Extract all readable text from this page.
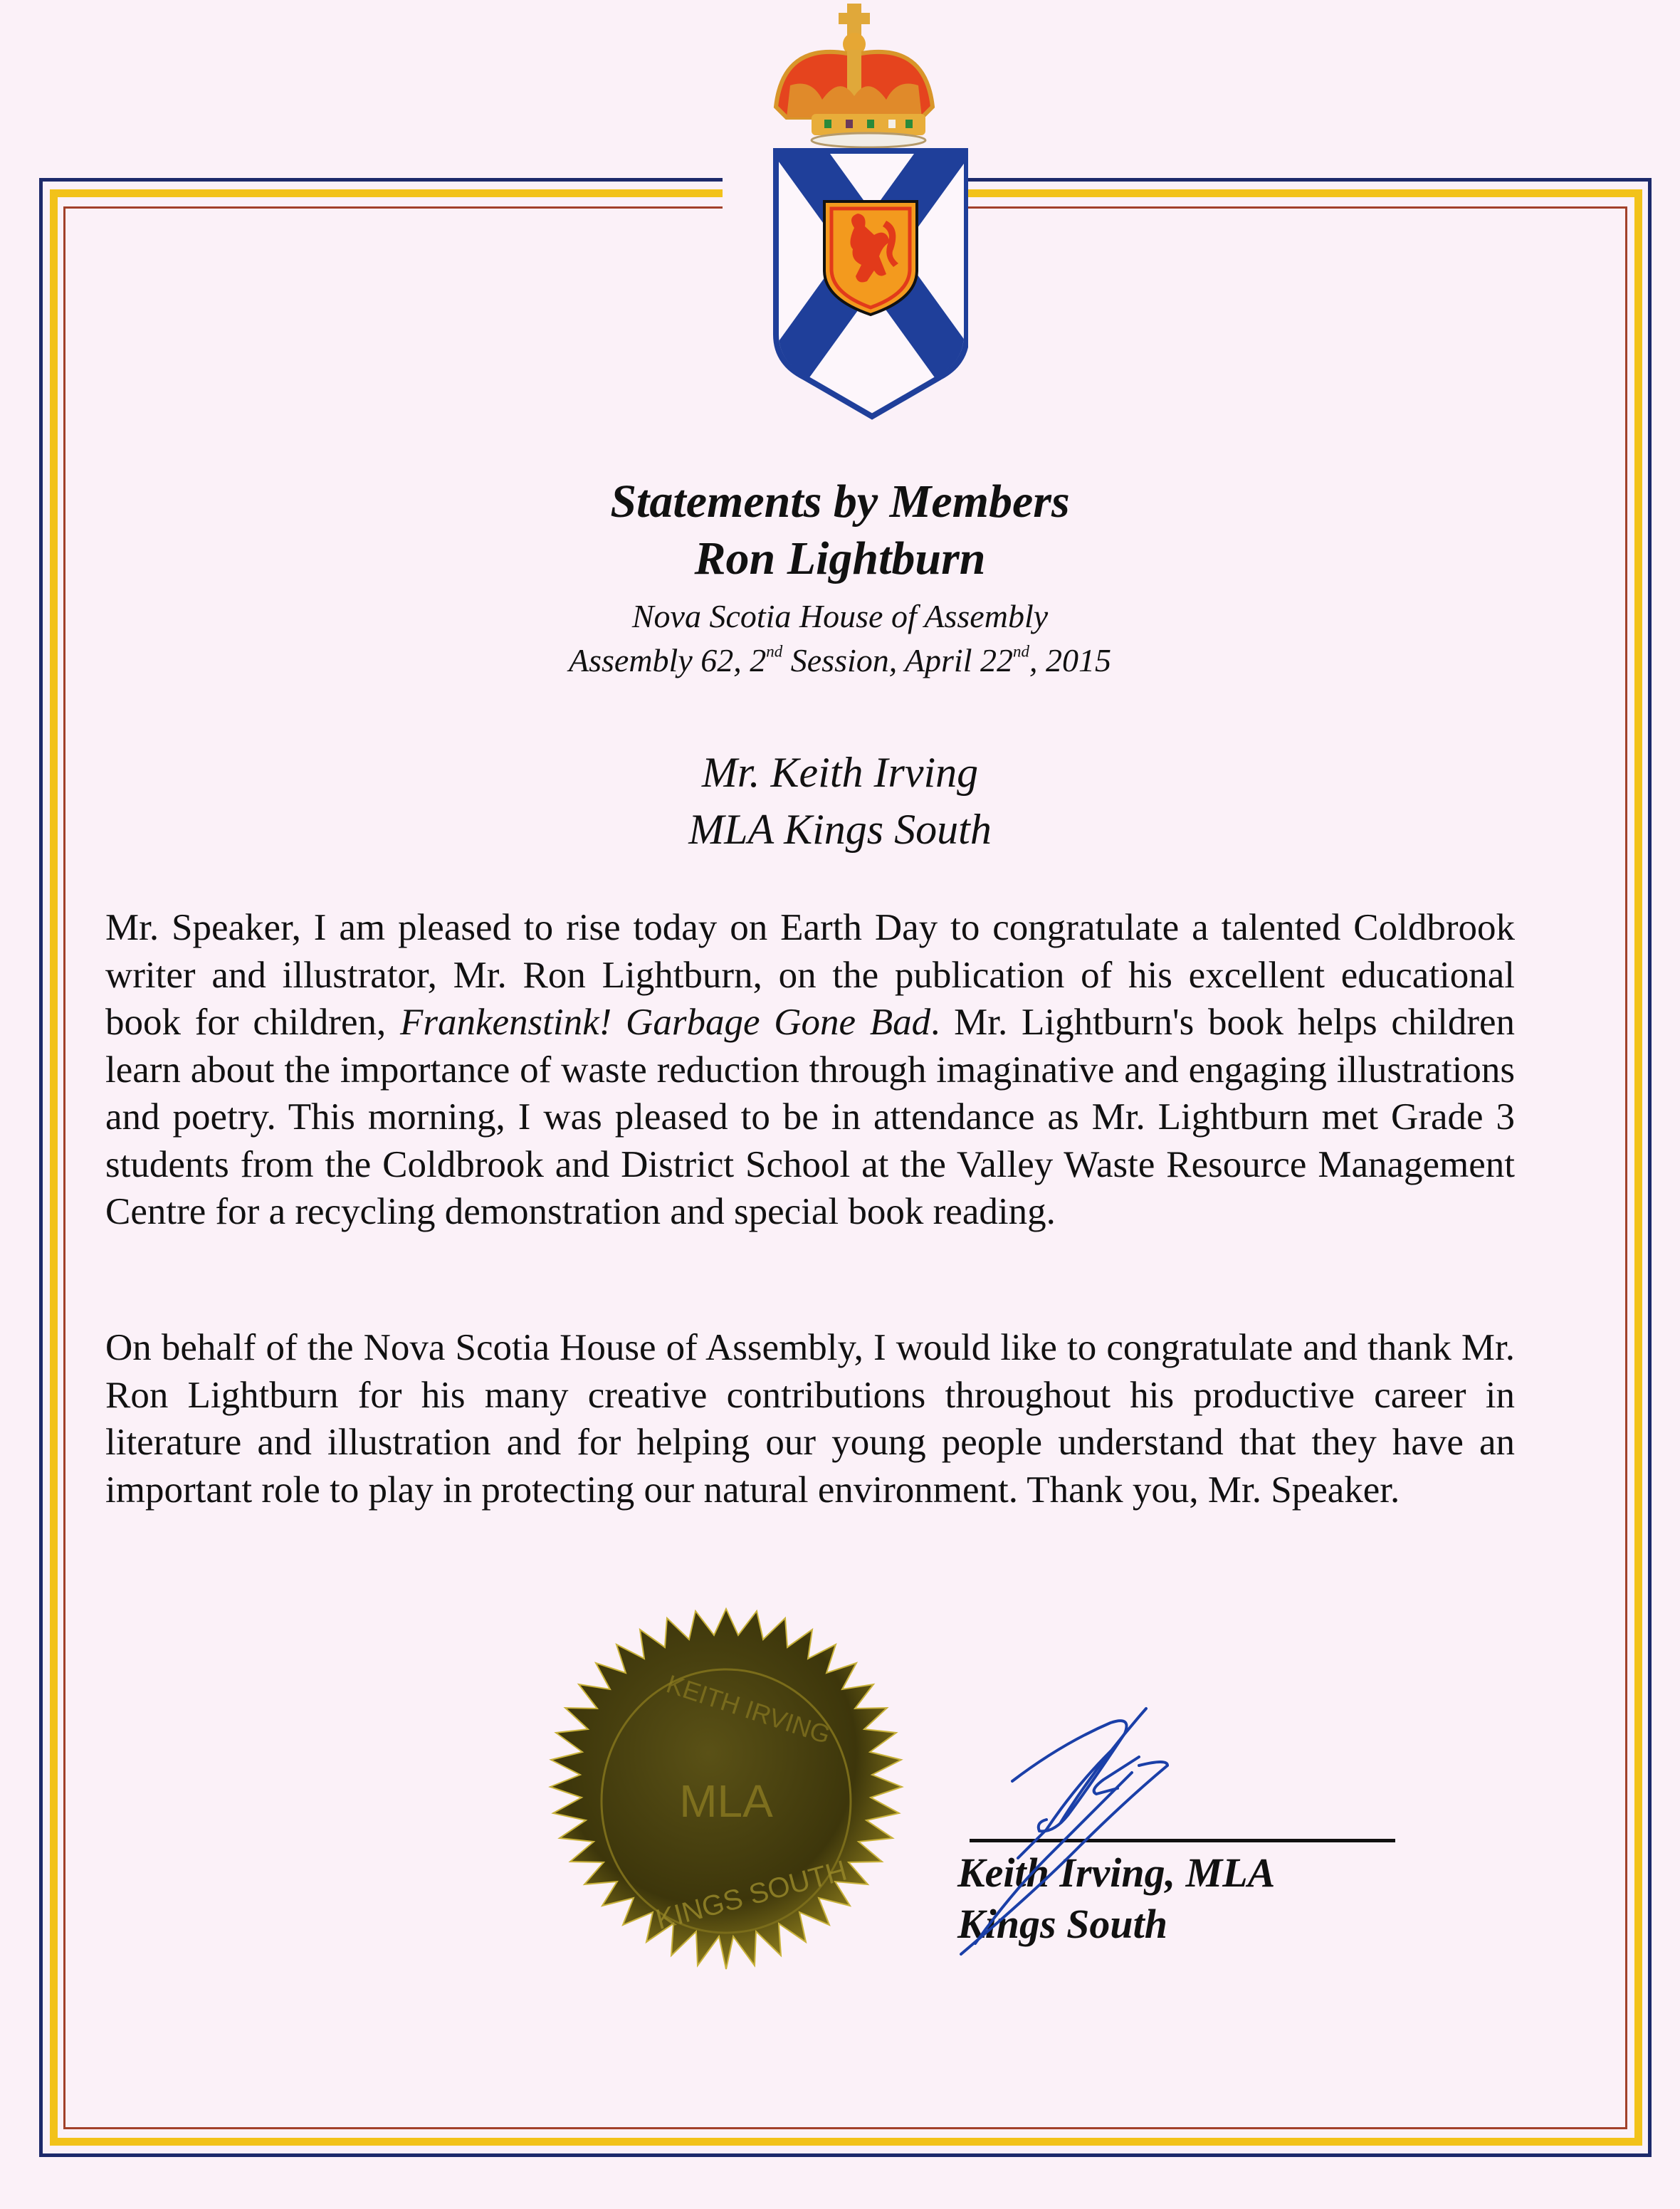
Statements by Members
Ron Lightburn
Nova Scotia House of Assembly
Assembly 62, 2nd Session, April 22nd, 2015
Mr. Keith Irving
MLA Kings South

Mr. Speaker, I am pleased to rise today on Earth Day to congratulate a talented Coldbrook writer and illustrator, Mr. Ron Lightburn, on the publication of his excellent educational book for children, Frankenstink! Garbage Gone Bad. Mr. Lightburn's book helps children learn about the importance of waste reduction through imaginative and engaging illustrations and poetry. This morning, I was pleased to be in attendance as Mr. Lightburn met Grade 3 students from the Coldbrook and District School at the Valley Waste Resource Management Centre for a recycling demonstration and special book reading.

On behalf of the Nova Scotia House of Assembly, I would like to congratulate and thank Mr. Ron Lightburn for his many creative contributions throughout his productive career in literature and illustration and for helping our young people understand that they have an important role to play in protecting our natural environment. Thank you, Mr. Speaker.

MLA
KEITH IRVING
KINGS SOUTH	Keith Irving, MLA
Kings South
